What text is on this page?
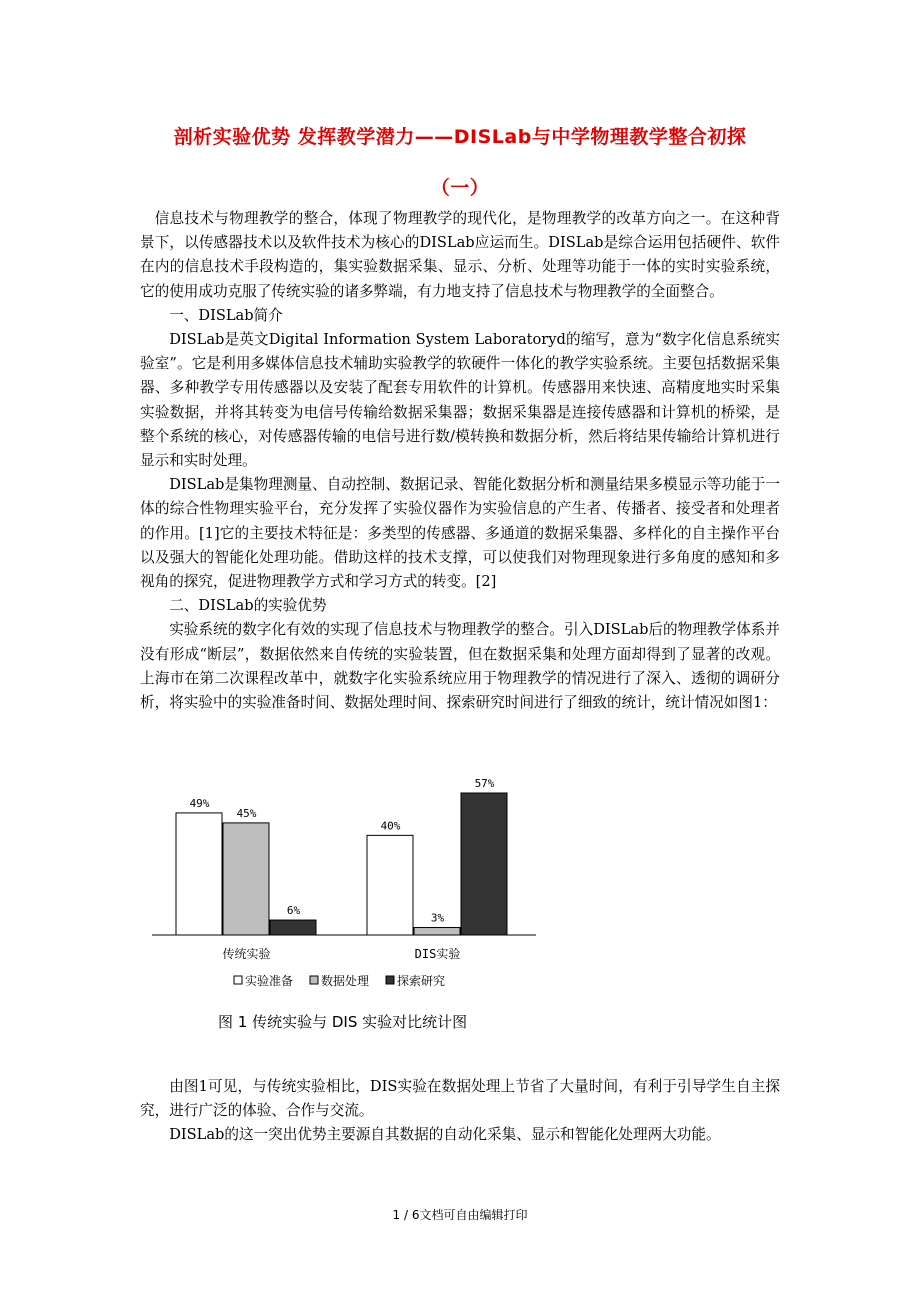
剖析实验优势 发挥教学潜力——DISLab与中学物理教学整合初探
（一）

信息技术与物理教学的整合，体现了物理教学的现代化，是物理教学的改革方向之一。在这种背景下，以传感器技术以及软件技术为核心的DISLab应运而生。DISLab是综合运用包括硬件、软件在内的信息技术手段构造的，集实验数据采集、显示、分析、处理等功能于一体的实时实验系统，它的使用成功克服了传统实验的诸多弊端，有力地支持了信息技术与物理教学的全面整合。

一、DISLab简介

DISLab是英文Digital Information System Laboratoryd的缩写，意为“数字化信息系统实验室”。它是利用多媒体信息技术辅助实验教学的软硬件一体化的教学实验系统。主要包括数据采集器、多种教学专用传感器以及安装了配套专用软件的计算机。传感器用来快速、高精度地实时采集实验数据，并将其转变为电信号传输给数据采集器；数据采集器是连接传感器和计算机的桥梁，是整个系统的核心，对传感器传输的电信号进行数/模转换和数据分析，然后将结果传输给计算机进行显示和实时处理。

DISLab是集物理测量、自动控制、数据记录、智能化数据分析和测量结果多模显示等功能于一体的综合性物理实验平台，充分发挥了实验仪器作为实验信息的产生者、传播者、接受者和处理者的作用。[1]它的主要技术特征是：多类型的传感器、多通道的数据采集器、多样化的自主操作平台以及强大的智能化处理功能。借助这样的技术支撑，可以使我们对物理现象进行多角度的感知和多视角的探究，促进物理教学方式和学习方式的转变。[2]

二、DISLab的实验优势

实验系统的数字化有效的实现了信息技术与物理教学的整合。引入DISLab后的物理教学体系并没有形成“断层”，数据依然来自传统的实验装置，但在数据采集和处理方面却得到了显著的改观。上海市在第二次课程改革中，就数字化实验系统应用于物理教学的情况进行了深入、透彻的调研分析，将实验中的实验准备时间、数据处理时间、探索研究时间进行了细致的统计，统计情况如图1：

49%
45%
6%
40%
3%
57%
传统实验	DIS实验
实验准备 数据处理 探索研究

图 1 传统实验与 DIS 实验对比统计图

由图1可见，与传统实验相比，DIS实验在数据处理上节省了大量时间，有利于引导学生自主探究，进行广泛的体验、合作与交流。

DISLab的这一突出优势主要源自其数据的自动化采集、显示和智能化处理两大功能。

1 / 6文档可自由编辑打印
